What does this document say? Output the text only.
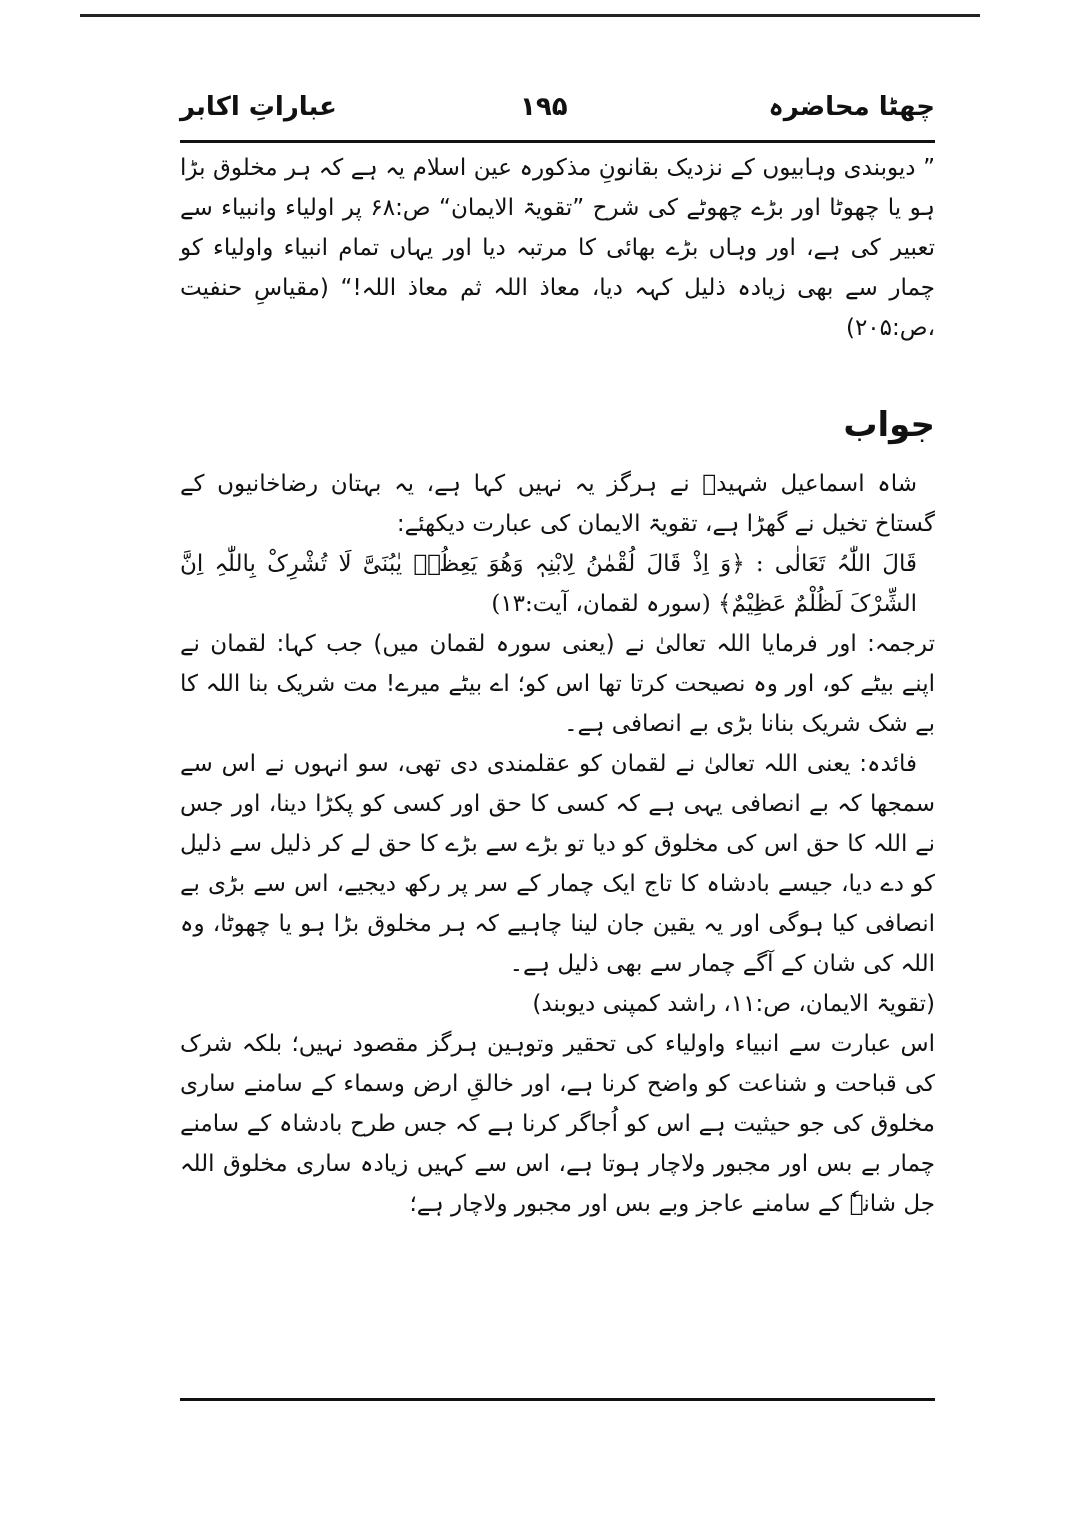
چھٹا محاضرہ
۱۹۵
عباراتِ اکابر

” دیوبندی وہابیوں کے نزدیک بقانونِ مذکورہ عین اسلام یہ ہے کہ ہر مخلوق بڑا ہو یا چھوٹا اور بڑے چھوٹے کی شرح ”تقویۃ الایمان“ ص:۶۸ پر اولیاء وانبیاء سے تعبیر کی ہے، اور وہاں بڑے بھائی کا مرتبہ دیا اور یہاں تمام انبیاء واولیاء کو چمار سے بھی زیادہ ذلیل کہہ دیا، معاذ اللہ ثم معاذ اللہ!“ (مقیاسِ حنفیت ،ص:۲۰۵)

جواب

شاہ اسماعیل شہیدؒ نے ہرگز یہ نہیں کہا ہے، یہ بہتان رضاخانیوں کے گستاخ تخیل نے گھڑا ہے، تقویۃ الایمان کی عبارت دیکھئے:

قَالَ اللّٰہُ تَعَالٰی : ﴿وَ اِذْ قَالَ لُقْمٰنُ لِابْنِہٖ وَھُوَ یَعِظُہٗ یٰبُنَیَّ لَا تُشْرِکْ بِاللّٰہِ اِنَّ الشِّرْکَ لَظُلْمٌ عَظِیْمٌ﴾ (سورہ لقمان، آیت:۱۳)

ترجمہ: اور فرمایا اللہ تعالیٰ نے (یعنی سورہ لقمان میں) جب کہا: لقمان نے اپنے بیٹے کو، اور وہ نصیحت کرتا تھا اس کو؛ اے بیٹے میرے! مت شریک بنا اللہ کا بے شک شریک بنانا بڑی بے انصافی ہے۔

فائدہ: یعنی اللہ تعالیٰ نے لقمان کو عقلمندی دی تھی، سو انہوں نے اس سے سمجھا کہ بے انصافی یہی ہے کہ کسی کا حق اور کسی کو پکڑا دینا، اور جس نے اللہ کا حق اس کی مخلوق کو دیا تو بڑے سے بڑے کا حق لے کر ذلیل سے ذلیل کو دے دیا، جیسے بادشاہ کا تاج ایک چمار کے سر پر رکھ دیجیے، اس سے بڑی بے انصافی کیا ہوگی اور یہ یقین جان لینا چاہیے کہ ہر مخلوق بڑا ہو یا چھوٹا، وہ اللہ کی شان کے آگے چمار سے بھی ذلیل ہے۔

(تقویۃ الایمان، ص:۱۱، راشد کمپنی دیوبند)

اس عبارت سے انبیاء واولیاء کی تحقیر وتوہین ہرگز مقصود نہیں؛ بلکہ شرک کی قباحت و شناعت کو واضح کرنا ہے، اور خالقِ ارض وسماء کے سامنے ساری مخلوق کی جو حیثیت ہے اس کو اُجاگر کرنا ہے کہ جس طرح بادشاہ کے سامنے چمار بے بس اور مجبور ولاچار ہوتا ہے، اس سے کہیں زیادہ ساری مخلوق اللہ جل شانہٗ کے سامنے عاجز وبے بس اور مجبور ولاچار ہے؛
